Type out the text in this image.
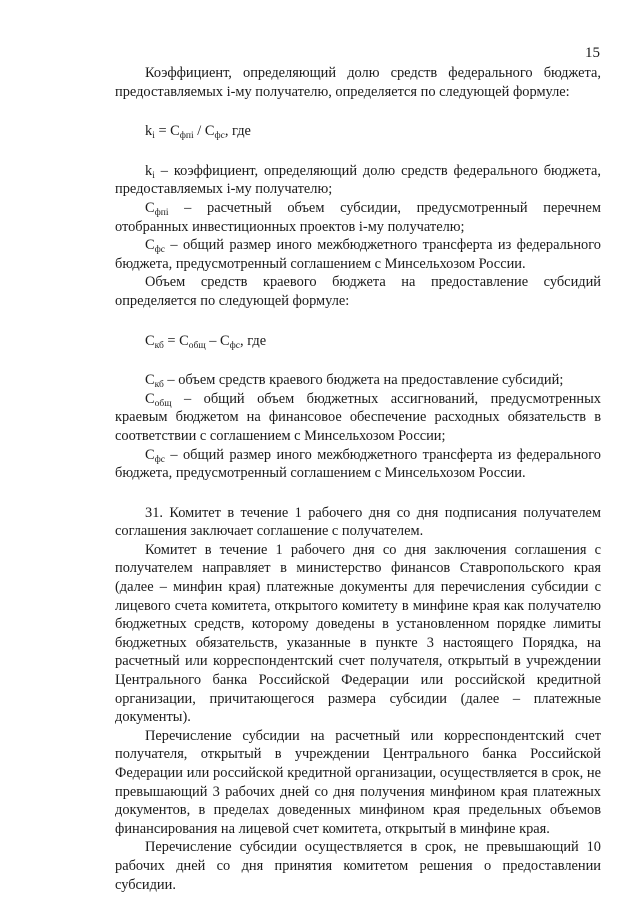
15

Коэффициент, определяющий долю средств федерального бюджета, предоставляемых i-му получателю, определяется по следующей формуле:

$k_i = С_{фпi} / С_{фс}$, где

$k_i$ – коэффициент, определяющий долю средств федерального бюджета, предоставляемых i-му получателю;

$С_{фпi}$ – расчетный объем субсидии, предусмотренный перечнем отобранных инвестиционных проектов i-му получателю;

$С_{фс}$ – общий размер иного межбюджетного трансферта из федерального бюджета, предусмотренный соглашением с Минсельхозом России.

Объем средств краевого бюджета на предоставление субсидий определяется по следующей формуле:

$С_{кб} = С_{общ} - С_{фс}$, где

$С_{кб}$ – объем средств краевого бюджета на предоставление субсидий;

$С_{общ}$ – общий объем бюджетных ассигнований, предусмотренных краевым бюджетом на финансовое обеспечение расходных обязательств в соответствии с соглашением с Минсельхозом России;

$С_{фс}$ – общий размер иного межбюджетного трансферта из федерального бюджета, предусмотренный соглашением с Минсельхозом России.

31. Комитет в течение 1 рабочего дня со дня подписания получателем соглашения заключает соглашение с получателем.

Комитет в течение 1 рабочего дня со дня заключения соглашения с получателем направляет в министерство финансов Ставропольского края (далее – минфин края) платежные документы для перечисления субсидии с лицевого счета комитета, открытого комитету в минфине края как получателю бюджетных средств, которому доведены в установленном порядке лимиты бюджетных обязательств, указанные в пункте 3 настоящего Порядка, на расчетный или корреспондентский счет получателя, открытый в учреждении Центрального банка Российской Федерации или российской кредитной организации, причитающегося размера субсидии (далее – платежные документы).

Перечисление субсидии на расчетный или корреспондентский счет получателя, открытый в учреждении Центрального банка Российской Федерации или российской кредитной организации, осуществляется в срок, не превышающий 3 рабочих дней со дня получения минфином края платежных документов, в пределах доведенных минфином края предельных объемов финансирования на лицевой счет комитета, открытый в минфине края.

Перечисление субсидии осуществляется в срок, не превышающий 10 рабочих дней со дня принятия комитетом решения о предоставлении субсидии.
